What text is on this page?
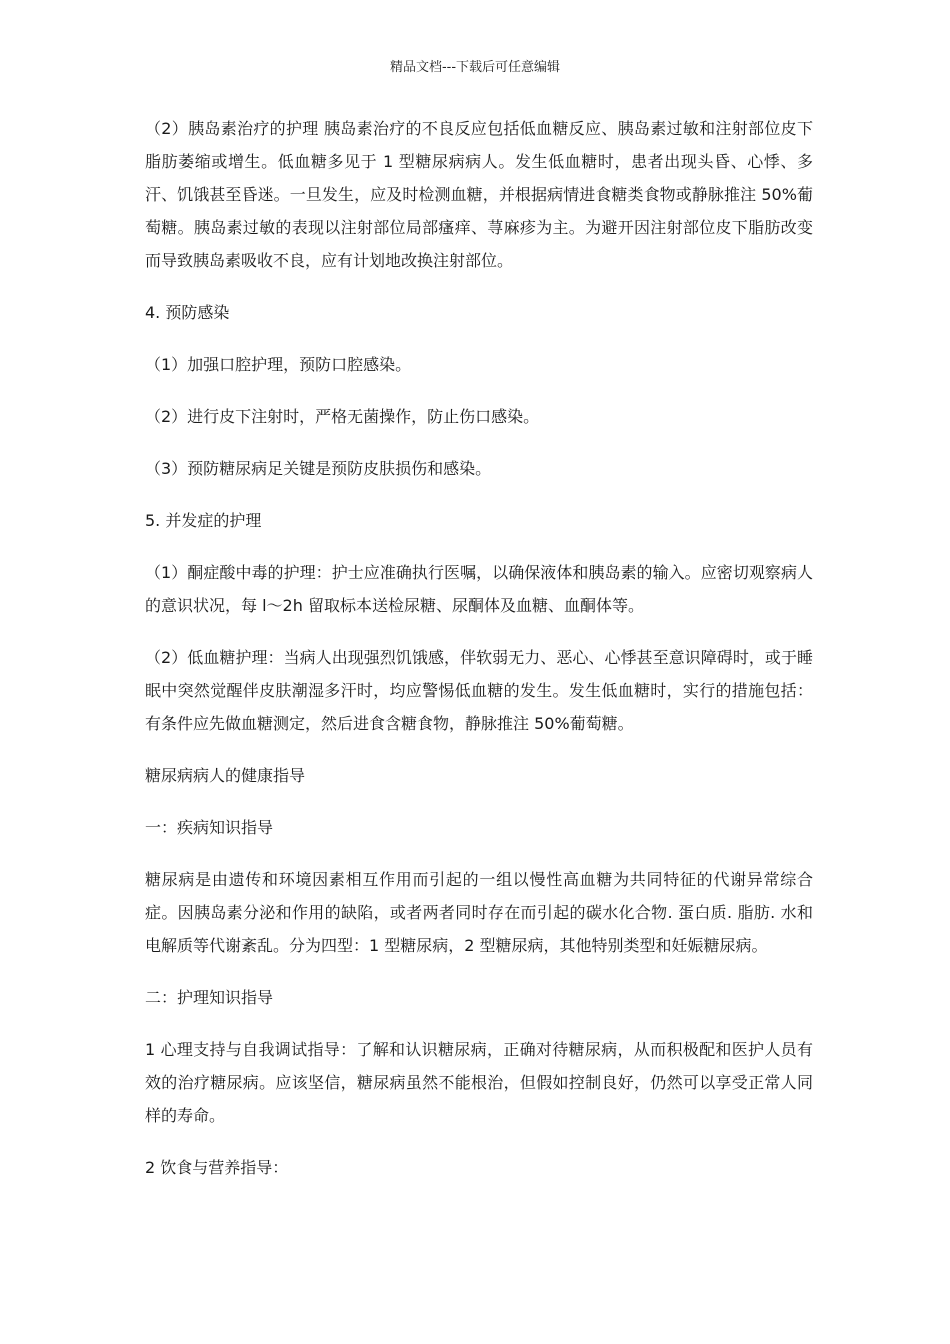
精品文档---下载后可任意编辑

（2）胰岛素治疗的护理 胰岛素治疗的不良反应包括低血糖反应、胰岛素过敏和注射部位皮下脂肪萎缩或增生。低血糖多见于 1 型糖尿病病人。发生低血糖时，患者出现头昏、心悸、多汗、饥饿甚至昏迷。一旦发生，应及时检测血糖，并根据病情进食糖类食物或静脉推注 50%葡萄糖。胰岛素过敏的表现以注射部位局部瘙痒、荨麻疹为主。为避开因注射部位皮下脂肪改变而导致胰岛素吸收不良，应有计划地改换注射部位。

4. 预防感染

（1）加强口腔护理，预防口腔感染。

（2）进行皮下注射时，严格无菌操作，防止伤口感染。

（3）预防糖尿病足关键是预防皮肤损伤和感染。

5. 并发症的护理

（1）酮症酸中毒的护理：护士应准确执行医嘱，以确保液体和胰岛素的输入。应密切观察病人的意识状况，每 l～2h 留取标本送检尿糖、尿酮体及血糖、血酮体等。

（2）低血糖护理：当病人出现强烈饥饿感，伴软弱无力、恶心、心悸甚至意识障碍时，或于睡眠中突然觉醒伴皮肤潮湿多汗时，均应警惕低血糖的发生。发生低血糖时，实行的措施包括：有条件应先做血糖测定，然后进食含糖食物，静脉推注 50%葡萄糖。

糖尿病病人的健康指导

一：疾病知识指导

糖尿病是由遗传和环境因素相互作用而引起的一组以慢性高血糖为共同特征的代谢异常综合症。因胰岛素分泌和作用的缺陷，或者两者同时存在而引起的碳水化合物. 蛋白质. 脂肪. 水和电解质等代谢紊乱。分为四型：1 型糖尿病，2 型糖尿病，其他特别类型和妊娠糖尿病。

二：护理知识指导

1 心理支持与自我调试指导：了解和认识糖尿病，正确对待糖尿病，从而积极配和医护人员有效的治疗糖尿病。应该坚信，糖尿病虽然不能根治，但假如控制良好，仍然可以享受正常人同样的寿命。

2 饮食与营养指导：
